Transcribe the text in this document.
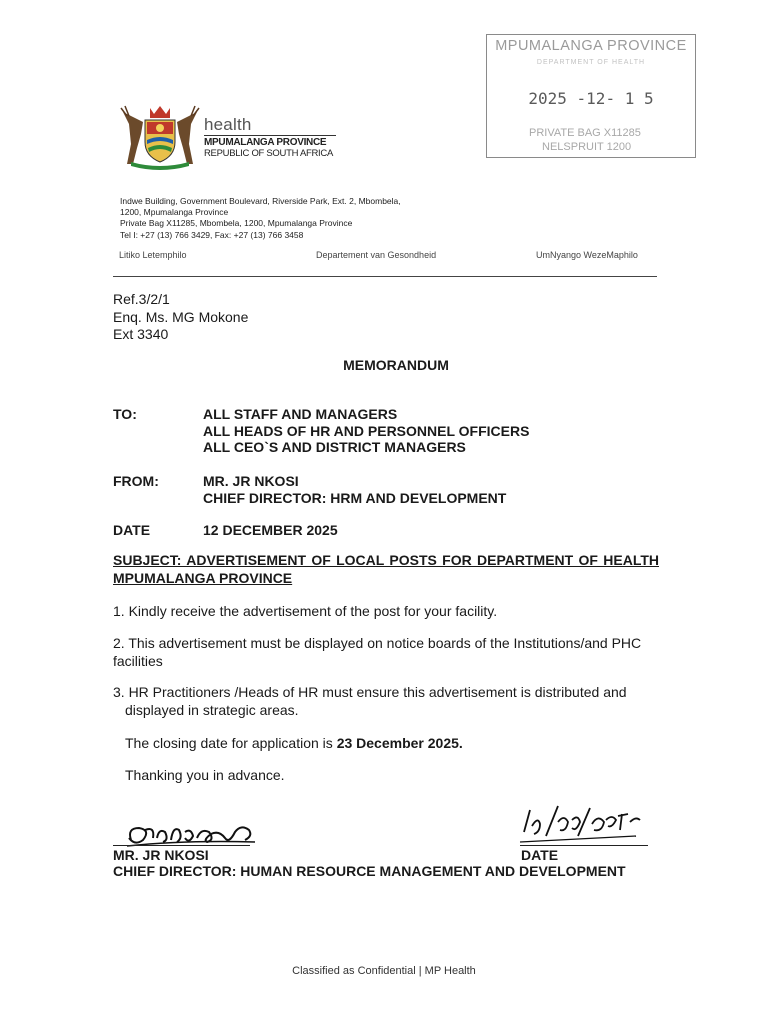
MPUMALANGA PROVINCE
DEPARTMENT OF HEALTH
2025 -12- 1 5
PRIVATE BAG X11285
NELSPRUIT 1200
health
MPUMALANGA PROVINCE
REPUBLIC OF SOUTH AFRICA
Indwe Building, Government Boulevard, Riverside Park, Ext. 2, Mbombela,
1200, Mpumalanga Province
Private Bag X11285, Mbombela, 1200, Mpumalanga Province
Tel I: +27 (13) 766 3429, Fax: +27 (13) 766 3458
Litiko Letemphilo	Departement van Gesondheid	UmNyango WezeMaphilo
Ref.3/2/1
Enq. Ms. MG Mokone
Ext 3340
MEMORANDUM
TO:	ALL STAFF AND MANAGERS
ALL HEADS OF HR AND PERSONNEL OFFICERS
ALL CEO`S AND DISTRICT MANAGERS
FROM:	MR. JR NKOSI
CHIEF DIRECTOR: HRM AND DEVELOPMENT
DATE	12 DECEMBER 2025
SUBJECT: ADVERTISEMENT OF LOCAL POSTS FOR DEPARTMENT OF HEALTH MPUMALANGA PROVINCE
1. Kindly receive the advertisement of the post for your facility.
2. This advertisement must be displayed on notice boards of the Institutions/and PHC
facilities
3. HR Practitioners /Heads of HR must ensure this advertisement is distributed and
displayed in strategic areas.
The closing date for application is 23 December 2025.
Thanking you in advance.
MR. JR NKOSI	DATE
CHIEF DIRECTOR: HUMAN RESOURCE MANAGEMENT AND DEVELOPMENT
Classified as Confidential | MP Health
